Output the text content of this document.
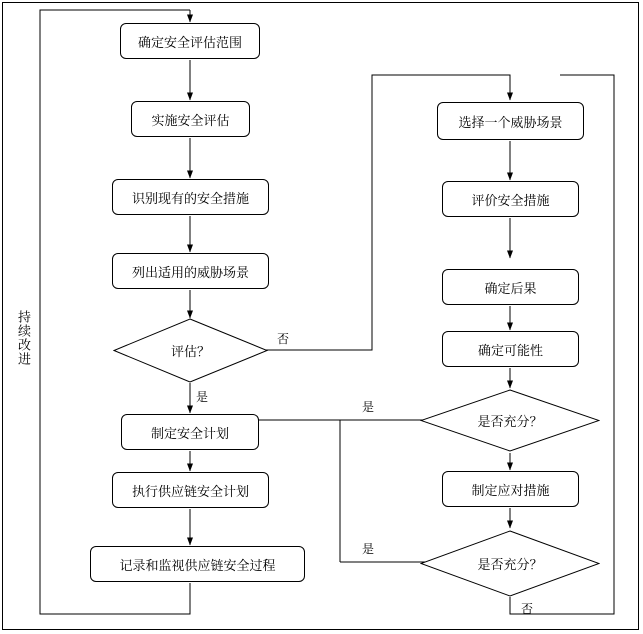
确定安全评估范围
实施安全评估
识别现有的安全措施
列出适用的威胁场景
评估？
制定安全计划
执行供应链安全计划
记录和监视供应链安全过程
选择一个威胁场景
评价安全措施
确定后果
确定可能性
是否充分？
制定应对措施
是否充分？
否
是
是
是
否
持续改进
